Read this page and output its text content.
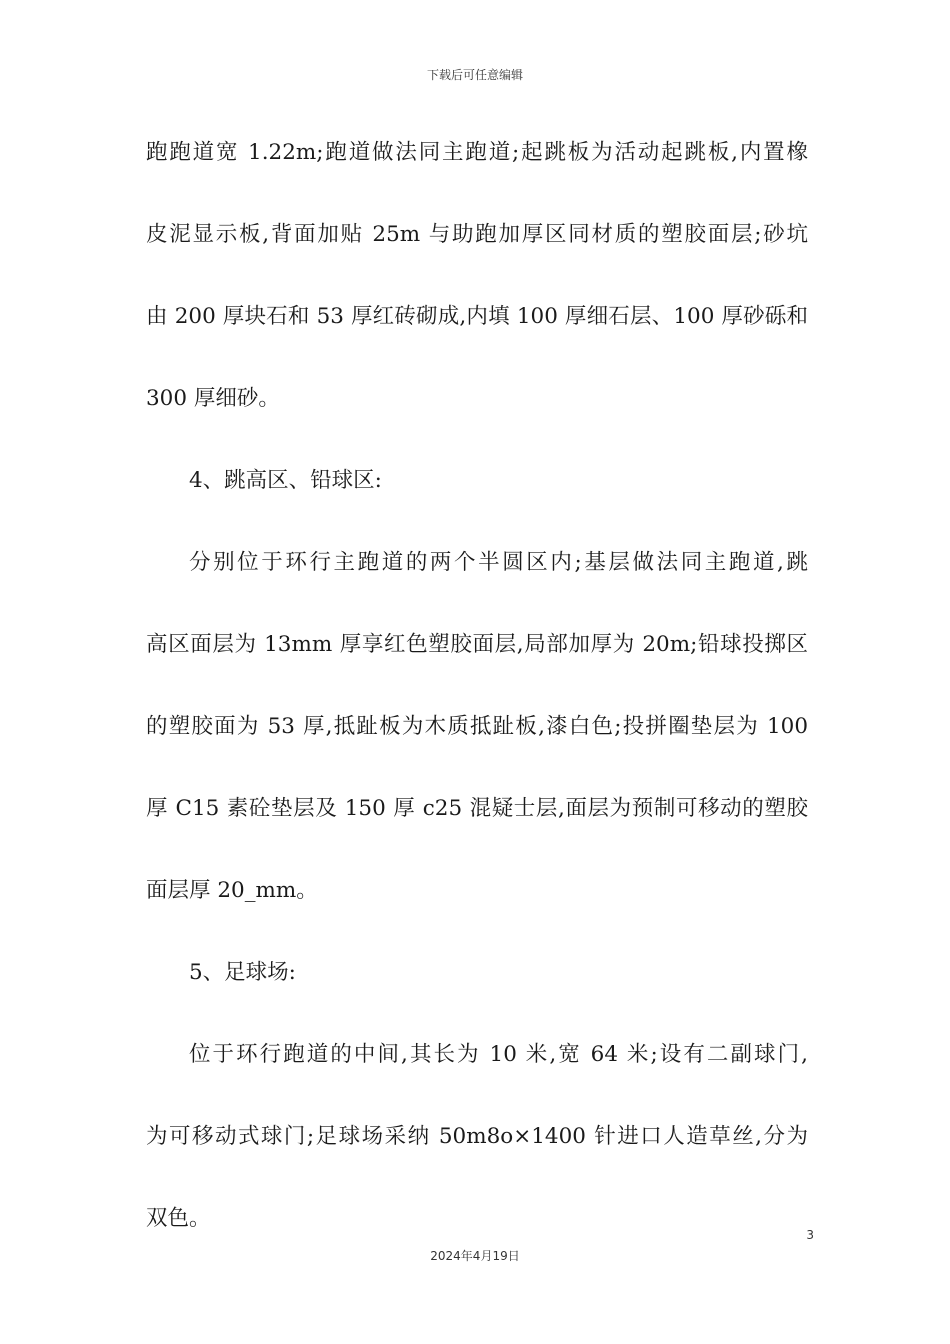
下载后可任意编辑
跑跑道宽 1.22m;跑道做法同主跑道;起跳板为活动起跳板,内置橡
皮泥显示板,背面加贴 25m 与助跑加厚区同材质的塑胶面层;砂坑
由 200 厚块石和 53 厚红砖砌成,内填 100 厚细石层、100 厚砂砾和
300 厚细砂。
4、跳高区、铅球区:
分别位于环行主跑道的两个半圆区内;基层做法同主跑道,跳
高区面层为 13mm 厚享红色塑胶面层,局部加厚为 20m;铅球投掷区
的塑胶面为 53 厚,抵趾板为木质抵趾板,漆白色;投拼圈垫层为 100
厚 C15 素砼垫层及 150 厚 c25 混疑士层,面层为预制可移动的塑胶
面层厚 20_mm。
5、足球场:
位于环行跑道的中间,其长为 10 米,宽 64 米;设有二副球门,
为可移动式球门;足球场采纳 50m8o×1400 针进口人造草丝,分为
双色。
3
2024年4月19日
